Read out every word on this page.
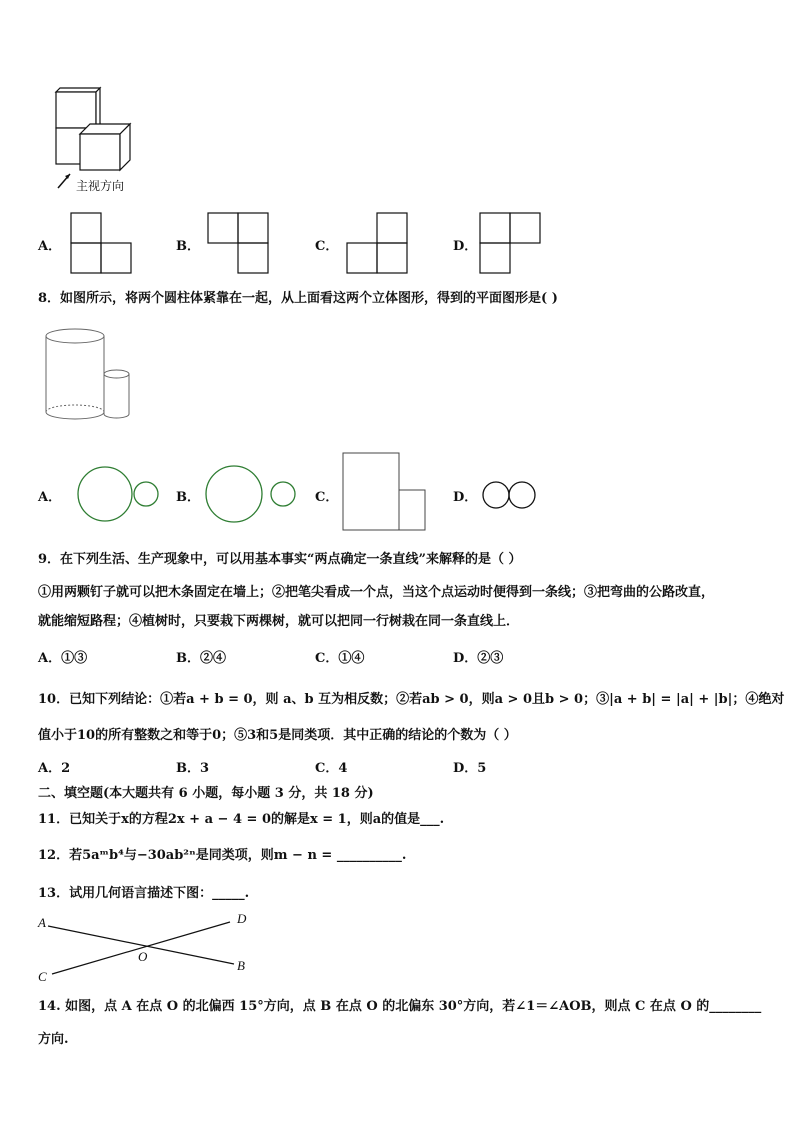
主视方向
A．	B．	C．	D．
8．如图所示，将两个圆柱体紧靠在一起，从上面看这两个立体图形，得到的平面图形是( )
A．	B．	C．	D．
9．在下列生活、生产现象中，可以用基本事实“两点确定一条直线”来解释的是（ ）
①用两颗钉子就可以把木条固定在墙上；②把笔尖看成一个点，当这个点运动时便得到一条线；③把弯曲的公路改直，
就能缩短路程；④植树时，只要栽下两棵树，就可以把同一行树栽在同一条直线上．
A．①③	B．②④	C．①④	D．②③
10．已知下列结论：①若a + b = 0，则 a、b 互为相反数；②若ab > 0，则a > 0且b > 0；③|a + b| = |a| + |b|；④绝对
值小于10的所有整数之和等于0；⑤3和5是同类项．其中正确的结论的个数为（ ）
A．2	B．3	C．4	D．5
二、填空题(本大题共有 6 小题，每小题 3 分，共 18 分)
11．已知关于x的方程2x + a − 4 = 0的解是x = 1，则a的值是___.
12．若5aᵐb⁴与−30ab²ⁿ是同类项，则m − n = __________.
13．试用几何语言描述下图：_____.
A	D
O
C
B
14. 如图，点 A 在点 O 的北偏西 15°方向，点 B 在点 O 的北偏东 30°方向，若∠1＝∠AOB，则点 C 在点 O 的________
方向.
